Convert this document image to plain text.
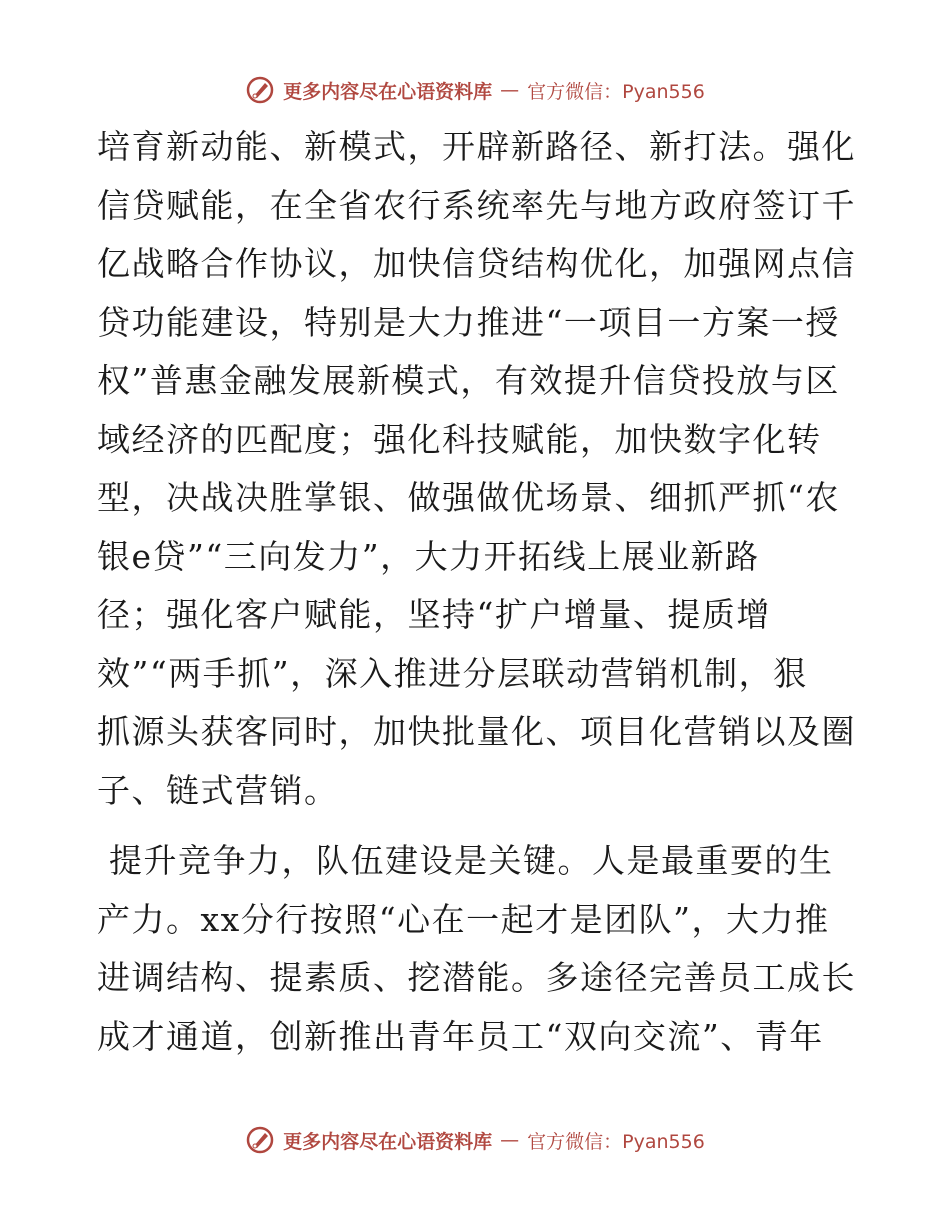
更多内容尽在心语资料库 — 官方微信：Pyan556
培育新动能、新模式，开辟新路径、新打法。强化
信贷赋能，在全省农行系统率先与地方政府签订千
亿战略合作协议，加快信贷结构优化，加强网点信
贷功能建设，特别是大力推进“一项目一方案一授
权”普惠金融发展新模式，有效提升信贷投放与区
域经济的匹配度；强化科技赋能，加快数字化转
型，决战决胜掌银、做强做优场景、细抓严抓“农
银e贷”“三向发力”，大力开拓线上展业新路
径；强化客户赋能，坚持“扩户增量、提质增
效”“两手抓”，深入推进分层联动营销机制，狠
抓源头获客同时，加快批量化、项目化营销以及圈
子、链式营销。
提升竞争力，队伍建设是关键。人是最重要的生
产力。xx分行按照“心在一起才是团队”，大力推
进调结构、提素质、挖潜能。多途径完善员工成长
成才通道，创新推出青年员工“双向交流”、青年
更多内容尽在心语资料库 — 官方微信：Pyan556
